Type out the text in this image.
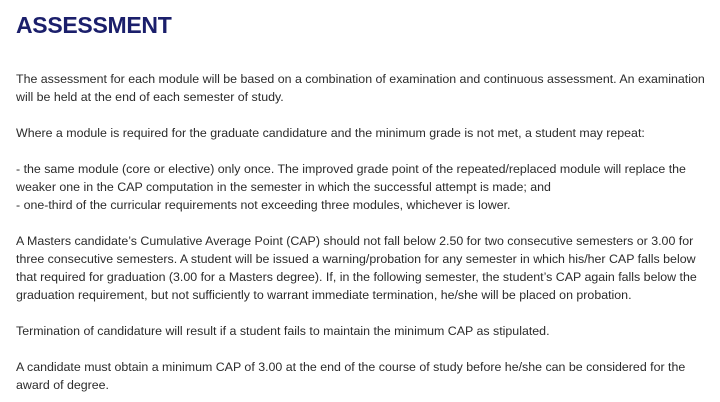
ASSESSMENT

The assessment for each module will be based on a combination of examination and continuous assessment. An examination will be held at the end of each semester of study.

Where a module is required for the graduate candidature and the minimum grade is not met, a student may repeat:

- the same module (core or elective) only once. The improved grade point of the repeated/replaced module will replace the weaker one in the CAP computation in the semester in which the successful attempt is made; and
- one-third of the curricular requirements not exceeding three modules, whichever is lower.

A Masters candidate’s Cumulative Average Point (CAP) should not fall below 2.50 for two consecutive semesters or 3.00 for three consecutive semesters. A student will be issued a warning/probation for any semester in which his/her CAP falls below that required for graduation (3.00 for a Masters degree). If, in the following semester, the student’s CAP again falls below the graduation requirement, but not sufficiently to warrant immediate termination, he/she will be placed on probation.

Termination of candidature will result if a student fails to maintain the minimum CAP as stipulated.

A candidate must obtain a minimum CAP of 3.00 at the end of the course of study before he/she can be considered for the award of degree.
